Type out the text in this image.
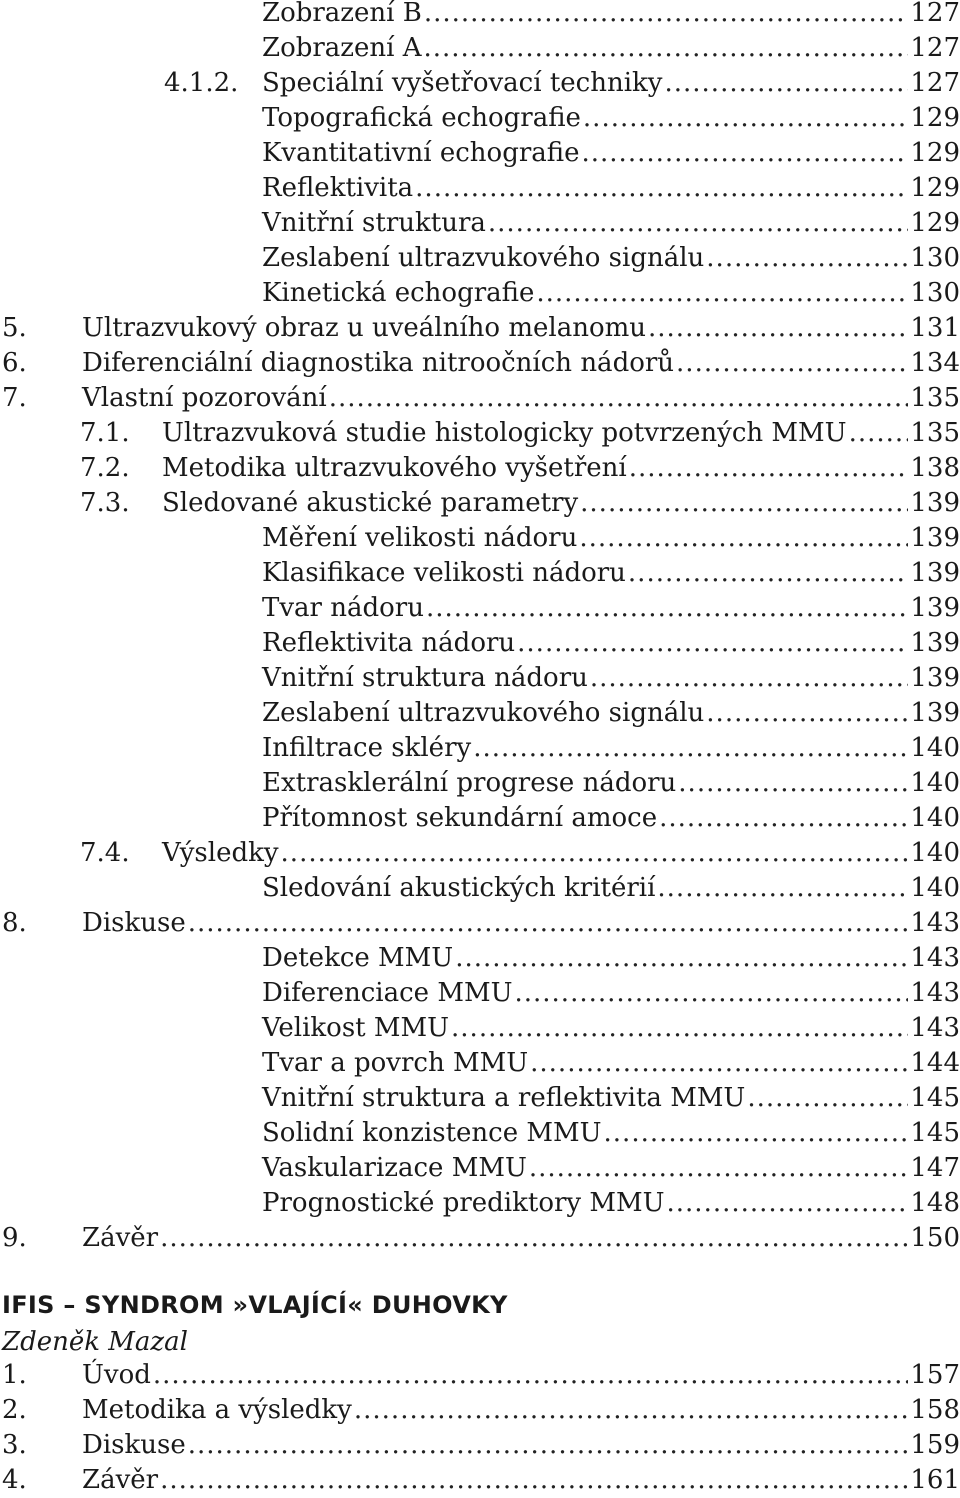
Zobrazení B .....	127
Zobrazení A .....	127
4.1.2. Speciální vyšetřovací techniky .....	127
Topografická echografie .....	129
Kvantitativní echografie .....	129
Reflektivita .....	129
Vnitřní struktura .....	129
Zeslabení ultrazvukového signálu .....	130
Kinetická echografie .....	130
5. Ultrazvukový obraz u uveálního melanomu .....	131
6. Diferenciální diagnostika nitroočních nádorů .....	134
7. Vlastní pozorování .....	135
7.1. Ultrazvuková studie histologicky potvrzených MMU ..... 135
7.2. Metodika ultrazvukového vyšetření .....	138
7.3. Sledované akustické parametry .....	139
Měření velikosti nádoru .....	139
Klasifikace velikosti nádoru .....	139
Tvar nádoru .....	139
Reflektivita nádoru .....	139
Vnitřní struktura nádoru .....	139
Zeslabení ultrazvukového signálu .....	139
Infiltrace skléry .....	140
Extrasklerální progrese nádoru .....	140
Přítomnost sekundární amoce .....	140
7.4. Výsledky .....	140
Sledování akustických kritérií .....	140
8. Diskuse .....	143
Detekce MMU .....	143
Diferenciace MMU .....	143
Velikost MMU .....	143
Tvar a povrch MMU .....	144
Vnitřní struktura a reflektivita MMU .....	145
Solidní konzistence MMU .....	145
Vaskularizace MMU .....	147
Prognostické prediktory MMU .....	148
9. Závěr .....	150
1. Úvod .....	157
2. Metodika a výsledky .....	158
3. Diskuse .....	159
4. Závěr .....	161
IFIS – SYNDROM »VLAJÍCÍ« DUHOVKY
Zdeněk Mazal
